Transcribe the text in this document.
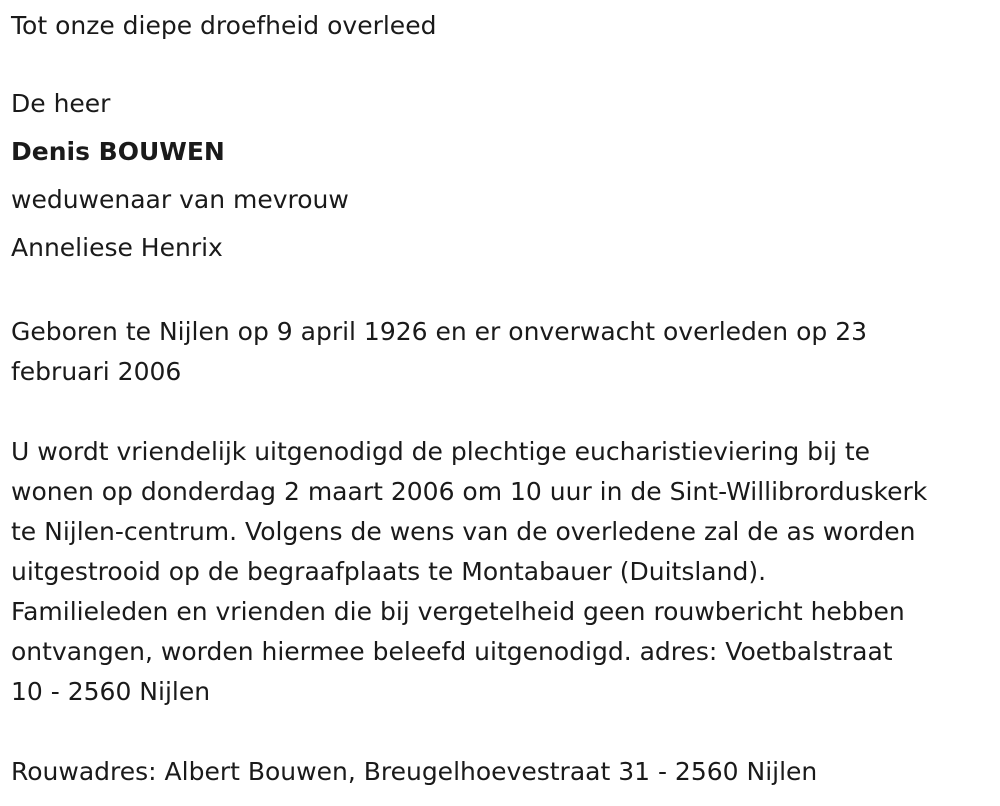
Tot onze diepe droefheid overleed
De heer
Denis BOUWEN
weduwenaar van mevrouw
Anneliese Henrix
Geboren te Nijlen op 9 april 1926 en er onverwacht overleden op 23
februari 2006
U wordt vriendelijk uitgenodigd de plechtige eucharistieviering bij te
wonen op donderdag 2 maart 2006 om 10 uur in de Sint-Willibrorduskerk
te Nijlen-centrum. Volgens de wens van de overledene zal de as worden
uitgestrooid op de begraafplaats te Montabauer (Duitsland).
Familieleden en vrienden die bij vergetelheid geen rouwbericht hebben
ontvangen, worden hiermee beleefd uitgenodigd. adres: Voetbalstraat
10 - 2560 Nijlen
Rouwadres: Albert Bouwen, Breugelhoevestraat 31 - 2560 Nijlen
